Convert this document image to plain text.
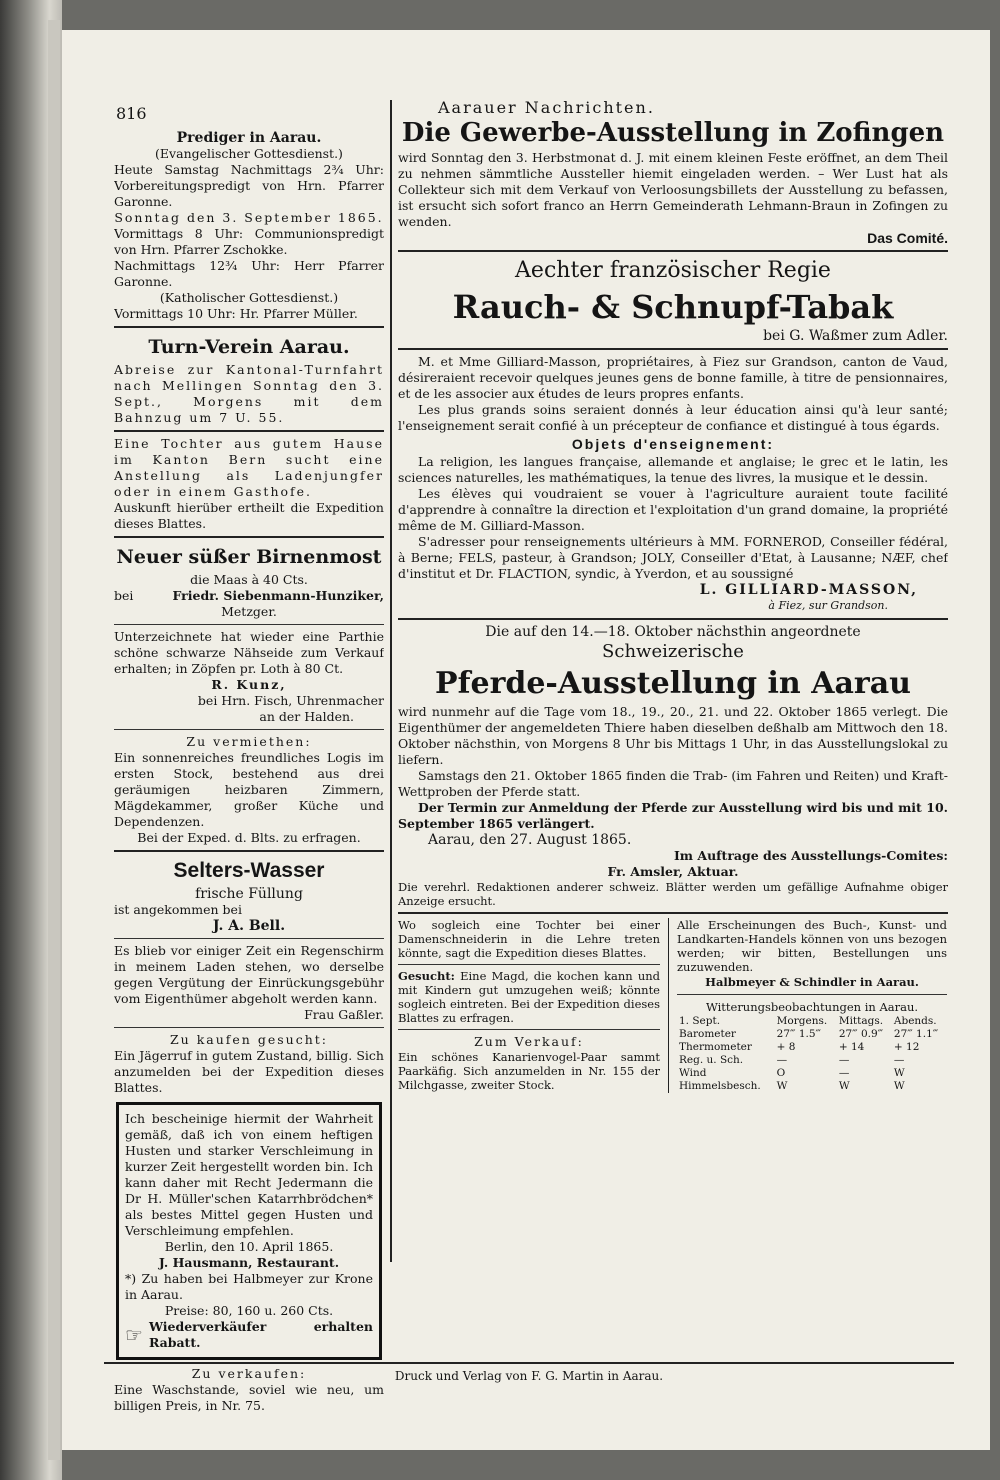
816

Prediger in Aarau.

(Evangelischer Gottesdienst.)

Heute Samstag Nachmittags 2¾ Uhr: Vorbereitungspredigt von Hrn. Pfarrer Garonne.

Sonntag den 3. September 1865.

Vormittags 8 Uhr: Communionspredigt von Hrn. Pfarrer Zschokke.

Nachmittags 12¾ Uhr: Herr Pfarrer Garonne.

(Katholischer Gottesdienst.)

Vormittags 10 Uhr: Hr. Pfarrer Müller.

Turn-Verein Aarau.

Abreise zur Kantonal-Turnfahrt nach Mellingen Sonntag den 3. Sept., Morgens mit dem Bahnzug um 7 U. 55.

Eine Tochter aus gutem Hause im Kanton Bern sucht eine Anstellung als Ladenjungfer oder in einem Gasthofe.

Auskunft hierüber ertheilt die Expedition dieses Blattes.

Neuer süßer Birnenmost

die Maas à 40 Cts.

bei	Friedr. Siebenmann-Hunziker,

Metzger.

Unterzeichnete hat wieder eine Parthie schöne schwarze Nähseide zum Verkauf erhalten; in Zöpfen pr. Loth à 80 Ct.

R. Kunz,

bei Hrn. Fisch, Uhrenmacher

an der Halden.

Zu vermiethen:

Ein sonnenreiches freundliches Logis im ersten Stock, bestehend aus drei geräumigen heizbaren Zimmern, Mägdekammer, großer Küche und Dependenzen.

Bei der Exped. d. Blts. zu erfragen.

Selters-Wasser

frische Füllung

ist angekommen bei

J. A. Bell.

Es blieb vor einiger Zeit ein Regenschirm in meinem Laden stehen, wo derselbe gegen Vergütung der Einrückungsgebühr vom Eigenthümer abgeholt werden kann.

Frau Gaßler.

Zu kaufen gesucht:

Ein Jägerruf in gutem Zustand, billig. Sich anzumelden bei der Expedition dieses Blattes.

Ich bescheinige hiermit der Wahrheit gemäß, daß ich von einem heftigen Husten und starker Verschleimung in kurzer Zeit hergestellt worden bin. Ich kann daher mit Recht Jedermann die Dr H. Müller'schen Katarrhbrödchen* als bestes Mittel gegen Husten und Verschleimung empfehlen.

Berlin, den 10. April 1865.

J. Hausmann, Restaurant.

*) Zu haben bei Halbmeyer zur Krone in Aarau.

Preise: 80, 160 u. 260 Cts.

☞ Wiederverkäufer erhalten Rabatt.

Zu verkaufen:

Eine Waschstande, soviel wie neu, um billigen Preis, in Nr. 75.

Aarauer Nachrichten.

Die Gewerbe-Ausstellung in Zofingen

wird Sonntag den 3. Herbstmonat d. J. mit einem kleinen Feste eröffnet, an dem Theil zu nehmen sämmtliche Aussteller hiemit eingeladen werden. – Wer Lust hat als Collekteur sich mit dem Verkauf von Verloosungsbillets der Ausstellung zu befassen, ist ersucht sich sofort franco an Herrn Gemeinderath Lehmann-Braun in Zofingen zu wenden.

Das Comité.

Aechter französischer Regie

Rauch- & Schnupf-Tabak

bei G. Waßmer zum Adler.

M. et Mme Gilliard-Masson, propriétaires, à Fiez sur Grandson, canton de Vaud, désireraient recevoir quelques jeunes gens de bonne famille, à titre de pensionnaires, et de les associer aux études de leurs propres enfants.

Les plus grands soins seraient donnés à leur éducation ainsi qu'à leur santé; l'enseignement serait confié à un précepteur de confiance et distingué à tous égards.

Objets d'enseignement:

La religion, les langues française, allemande et anglaise; le grec et le latin, les sciences naturelles, les mathématiques, la tenue des livres, la musique et le dessin.

Les élèves qui voudraient se vouer à l'agriculture auraient toute facilité d'apprendre à connaître la direction et l'exploitation d'un grand domaine, la propriété même de M. Gilliard-Masson.

S'adresser pour renseignements ultérieurs à MM. FORNEROD, Conseiller fédéral, à Berne; FELS, pasteur, à Grandson; JOLY, Conseiller d'Etat, à Lausanne; NÆF, chef d'institut et Dr. FLACTION, syndic, à Yverdon, et au soussigné

L. GILLIARD-MASSON,

à Fiez, sur Grandson.

Die auf den 14.—18. Oktober nächsthin angeordnete

Schweizerische

Pferde-Ausstellung in Aarau

wird nunmehr auf die Tage vom 18., 19., 20., 21. und 22. Oktober 1865 verlegt. Die Eigenthümer der angemeldeten Thiere haben dieselben deßhalb am Mittwoch den 18. Oktober nächsthin, von Morgens 8 Uhr bis Mittags 1 Uhr, in das Ausstellungslokal zu liefern.

Samstags den 21. Oktober 1865 finden die Trab- (im Fahren und Reiten) und Kraft-Wettproben der Pferde statt.

Der Termin zur Anmeldung der Pferde zur Ausstellung wird bis und mit 10. September 1865 verlängert.

Aarau, den 27. August 1865.

Im Auftrage des Ausstellungs-Comites:

Fr. Amsler, Aktuar.

Die verehrl. Redaktionen anderer schweiz. Blätter werden um gefällige Aufnahme obiger Anzeige ersucht.

Wo sogleich eine Tochter bei einer Damenschneiderin in die Lehre treten könnte, sagt die Expedition dieses Blattes.

Gesucht: Eine Magd, die kochen kann und mit Kindern gut umzugehen weiß; könnte sogleich eintreten. Bei der Expedition dieses Blattes zu erfragen.

Zum Verkauf:

Ein schönes Kanarienvogel-Paar sammt Paarkäfig. Sich anzumelden in Nr. 155 der Milchgasse, zweiter Stock.

Alle Erscheinungen des Buch-, Kunst- und Landkarten-Handels können von uns bezogen werden; wir bitten, Bestellungen uns zuzuwenden.

Halbmeyer & Schindler in Aarau.

Witterungsbeobachtungen in Aarau.

1. Sept.	Morgens.	Mittags.	Abends.
Barometer	27‴ 1.5‴	27‴ 0.9‴	27‴ 1.1‴
Thermometer	+ 8	+ 14	+ 12
Reg. u. Sch.	—	—	—
Wind	O	—	W
Himmelsbesch.	W	W	W

Druck und Verlag von F. G. Martin in Aarau.
